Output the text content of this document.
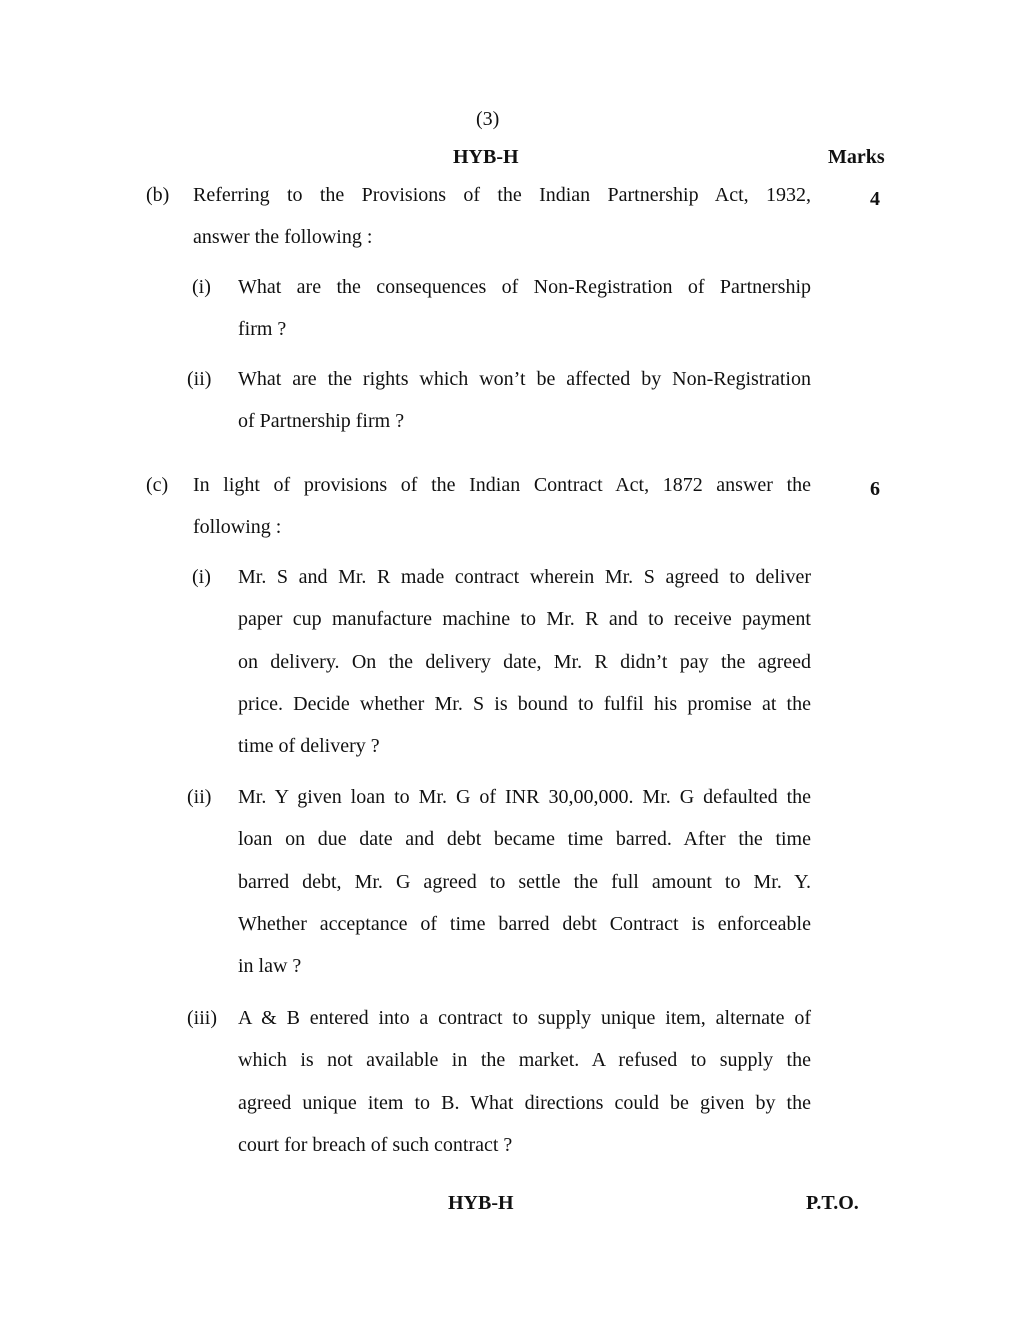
(3)
HYB-H	Marks
(b)	4
Referring to the Provisions of the Indian Partnership Act, 1932,
answer the following :
(i) What are the consequences of Non-Registration of Partnership
firm ?
(ii) What are the rights which won’t be affected by Non-Registration
of Partnership firm ?
(c)	6
In light of provisions of the Indian Contract Act, 1872 answer the
following :
(i) Mr. S and Mr. R made contract wherein Mr. S agreed to deliver
paper cup manufacture machine to Mr. R and to receive payment
on delivery. On the delivery date, Mr. R didn’t pay the agreed
price. Decide whether Mr. S is bound to fulfil his promise at the
time of delivery ?
(ii) Mr. Y given loan to Mr. G of INR 30,00,000. Mr. G defaulted the
loan on due date and debt became time barred. After the time
barred debt, Mr. G agreed to settle the full amount to Mr. Y.
Whether acceptance of time barred debt Contract is enforceable
in law ?
(iii) A & B entered into a contract to supply unique item, alternate of
which is not available in the market. A refused to supply the
agreed unique item to B. What directions could be given by the
court for breach of such contract ?
HYB-H	P.T.O.
